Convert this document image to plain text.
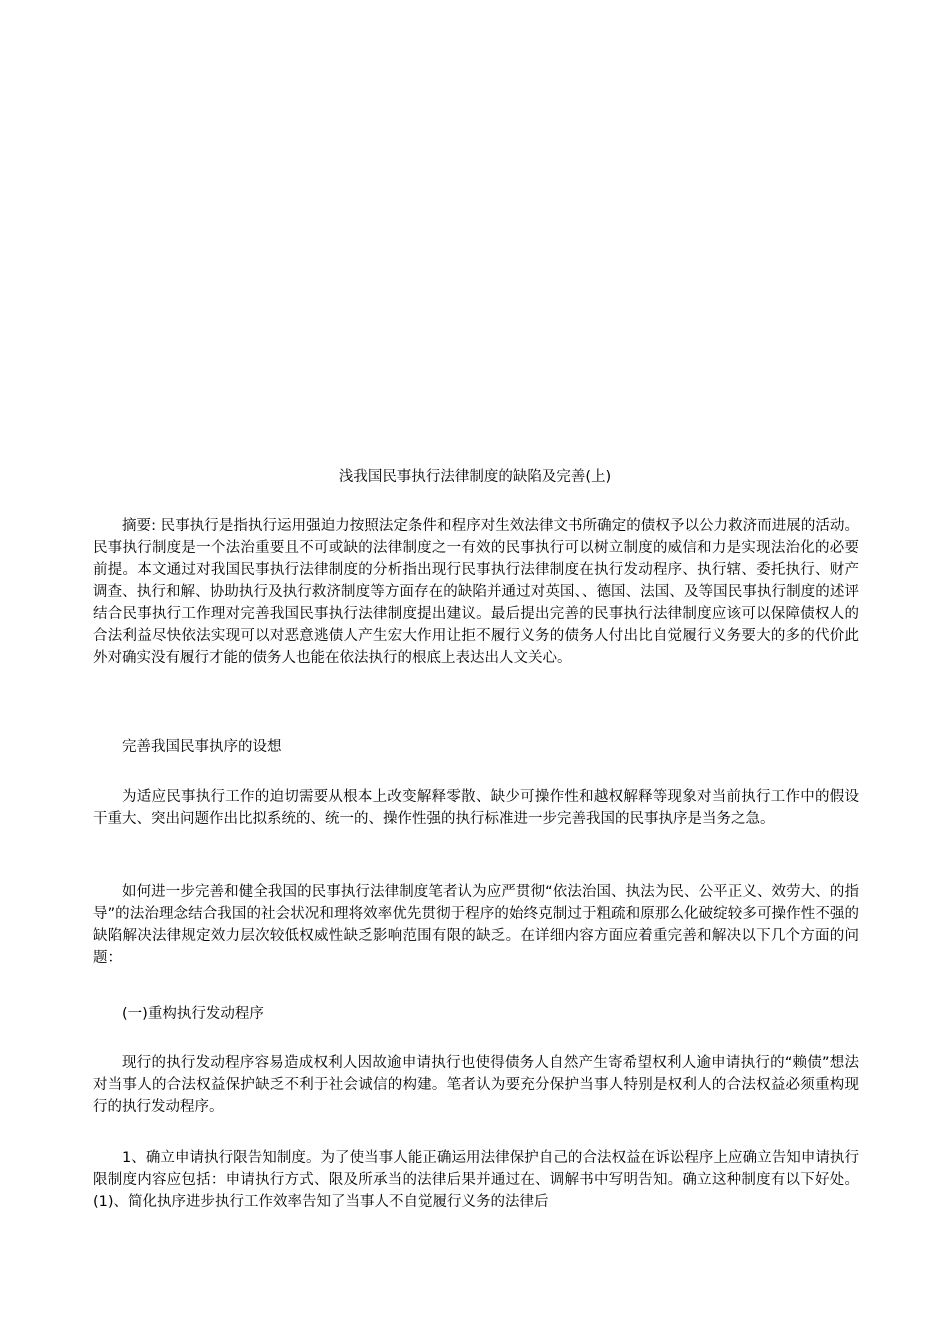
浅我国民事执行法律制度的缺陷及完善(上)

摘要: 民事执行是指执行运用强迫力按照法定条件和程序对生效法律文书所确定的债权予以公力救济而进展的活动。民事执行制度是一个法治重要且不可或缺的法律制度之一有效的民事执行可以树立制度的威信和力是实现法治化的必要前提。本文通过对我国民事执行法律制度的分析指出现行民事执行法律制度在执行发动程序、执行辖、委托执行、财产调查、执行和解、协助执行及执行救济制度等方面存在的缺陷并通过对英国、、德国、法国、及等国民事执行制度的述评结合民事执行工作理对完善我国民事执行法律制度提出建议。最后提出完善的民事执行法律制度应该可以保障债权人的合法利益尽快依法实现可以对恶意逃债人产生宏大作用让拒不履行义务的债务人付出比自觉履行义务要大的多的代价此外对确实没有履行才能的债务人也能在依法执行的根底上表达出人文关心。

完善我国民事执序的设想

为适应民事执行工作的迫切需要从根本上改变解释零散、缺少可操作性和越权解释等现象对当前执行工作中的假设干重大、突出问题作出比拟系统的、统一的、操作性强的执行标准进一步完善我国的民事执序是当务之急。

如何进一步完善和健全我国的民事执行法律制度笔者认为应严贯彻“依法治国、执法为民、公平正义、效劳大、的指导”的法治理念结合我国的社会状况和理将效率优先贯彻于程序的始终克制过于粗疏和原那么化破绽较多可操作性不强的缺陷解决法律规定效力层次较低权威性缺乏影响范围有限的缺乏。在详细内容方面应着重完善和解决以下几个方面的问题：

(一)重构执行发动程序

现行的执行发动程序容易造成权利人因故逾申请执行也使得债务人自然产生寄希望权利人逾申请执行的“赖债”想法对当事人的合法权益保护缺乏不利于社会诚信的构建。笔者认为要充分保护当事人特别是权利人的合法权益必须重构现行的执行发动程序。

1、确立申请执行限告知制度。为了使当事人能正确运用法律保护自己的合法权益在诉讼程序上应确立告知申请执行限制度内容应包括：申请执行方式、限及所承当的法律后果并通过在、调解书中写明告知。确立这种制度有以下好处。(1)、简化执序进步执行工作效率告知了当事人不自觉履行义务的法律后
